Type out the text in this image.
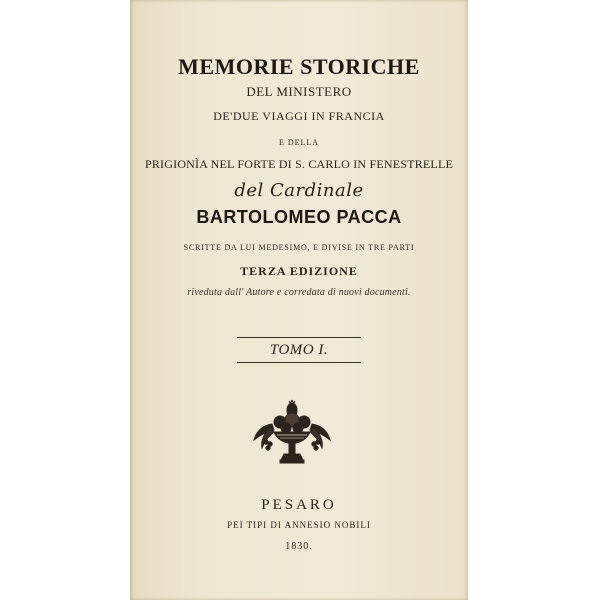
MEMORIE STORICHE
DEL MINISTERO
DE'DUE VIAGGI IN FRANCIA
E DELLA
PRIGIONÌA NEL FORTE DI S. CARLO IN FENESTRELLE
del Cardinale
BARTOLOMEO PACCA
SCRITTE DA LUI MEDESIMO, E DIVISE IN TRE PARTI
TERZA EDIZIONE
riveduta dall' Autore e corredata di nuovi documenti.
TOMO I.
PESARO
PEI TIPI DI ANNESIO NOBILI
1830.
